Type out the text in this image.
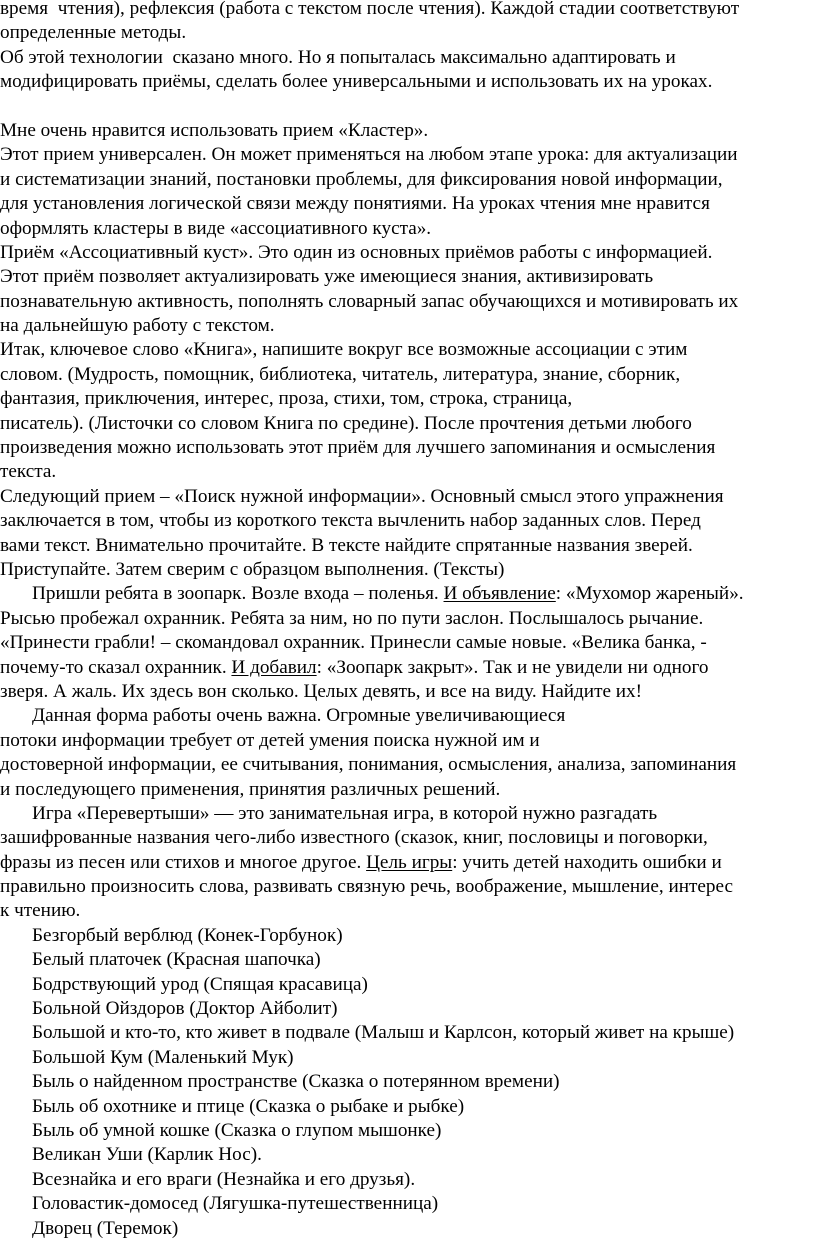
время  чтения), рефлексия (работа с текстом после чтения). Каждой стадии соответствуют
определенные методы.
Об этой технологии  сказано много. Но я попыталась максимально адаптировать и
модифицировать приёмы, сделать более универсальными и использовать их на уроках.
Мне очень нравится использовать прием «Кластер».
Этот прием универсален. Он может применяться на любом этапе урока: для актуализации
и систематизации знаний, постановки проблемы, для фиксирования новой информации,
для установления логической связи между понятиями. На уроках чтения мне нравится
оформлять кластеры в виде «ассоциативного куста».
Приём «Ассоциативный куст». Это один из основных приёмов работы с информацией.
Этот приём позволяет актуализировать уже имеющиеся знания, активизировать
познавательную активность, пополнять словарный запас обучающихся и мотивировать их
на дальнейшую работу с текстом.
Итак, ключевое слово «Книга», напишите вокруг все возможные ассоциации с этим
словом. (Мудрость, помощник, библиотека, читатель, литература, знание, сборник,
фантазия, приключения, интерес, проза, стихи, том, строка, страница,
писатель). (Листочки со словом Книга по средине). После прочтения детьми любого
произведения можно использовать этот приём для лучшего запоминания и осмысления
текста.
Следующий прием – «Поиск нужной информации». Основный смысл этого упражнения
заключается в том, чтобы из короткого текста вычленить набор заданных слов. Перед
вами текст. Внимательно прочитайте. В тексте найдите спрятанные названия зверей.
Приступайте. Затем сверим с образцом выполнения. (Тексты)
Пришли ребята в зоопарк. Возле входа – поленья. И объявление: «Мухомор жареный».
Рысью пробежал охранник. Ребята за ним, но по пути заслон. Послышалось рычание.
«Принести грабли! – скомандовал охранник. Принесли самые новые. «Велика банка, -
почему-то сказал охранник. И добавил: «Зоопарк закрыт». Так и не увидели ни одного
зверя. А жаль. Их здесь вон сколько. Целых девять, и все на виду. Найдите их!
Данная форма работы очень важна. Огромные увеличивающиеся
потоки информации требует от детей умения поиска нужной им и
достоверной информации, ее считывания, понимания, осмысления, анализа, запоминания
и последующего применения, принятия различных решений.
Игра «Перевертыши» — это занимательная игра, в которой нужно разгадать
зашифрованные названия чего-либо известного (сказок, книг, пословицы и поговорки,
фразы из песен или стихов и многое другое. Цель игры: учить детей находить ошибки и
правильно произносить слова, развивать связную речь, воображение, мышление, интерес
к чтению.
Безгорбый верблюд (Конек-Горбунок)
Белый платочек (Красная шапочка)
Бодрствующий урод (Спящая красавица)
Больной Ойздоров (Доктор Айболит)
Большой и кто-то, кто живет в подвале (Малыш и Карлсон, который живет на крыше)
Большой Кум (Маленький Мук)
Быль о найденном пространстве (Сказка о потерянном времени)
Быль об охотнике и птице (Сказка о рыбаке и рыбке)
Быль об умной кошке (Сказка о глупом мышонке)
Великан Уши (Карлик Нос).
Всезнайка и его враги (Незнайка и его друзья).
Головастик-домосед (Лягушка-путешественница)
Дворец (Теремок)
